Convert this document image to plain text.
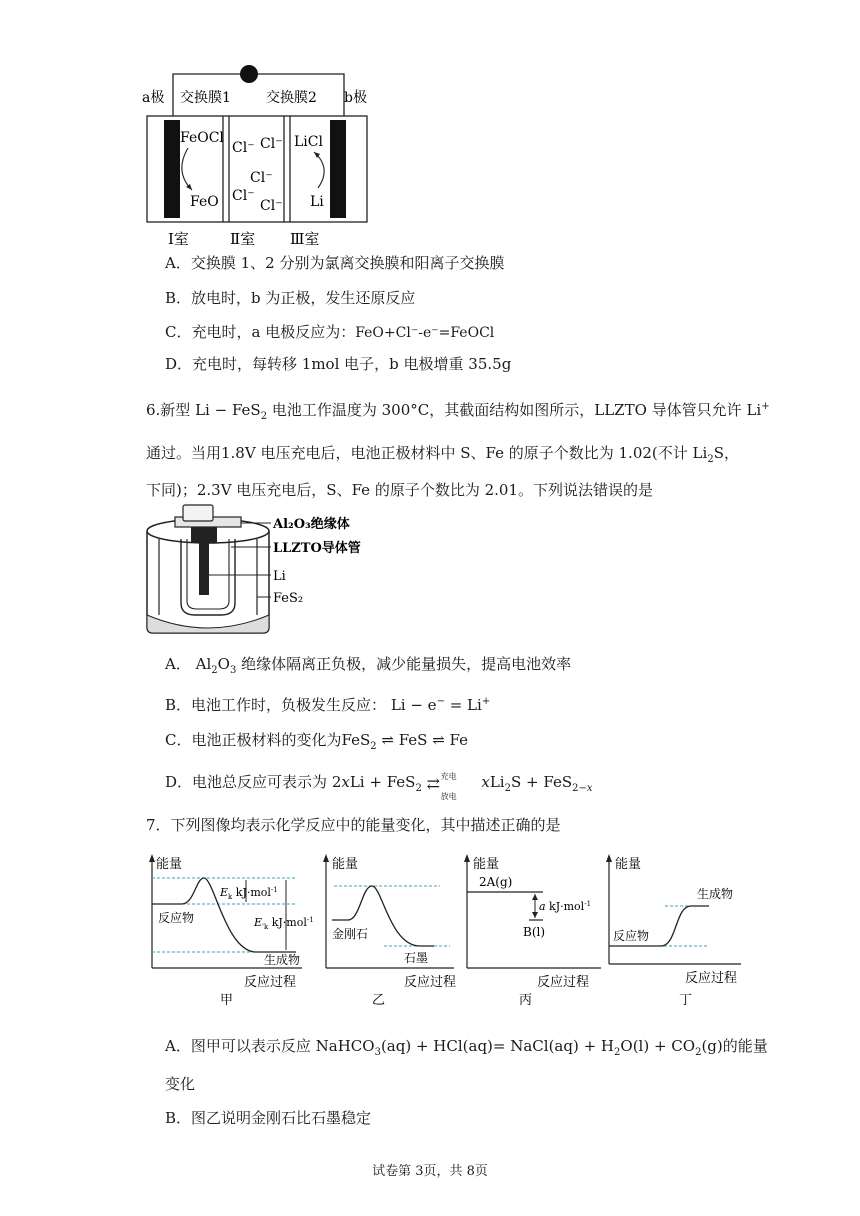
a极 交换膜1	交换膜2 b极
FeOCl
FeO
LiCl
Li
Cl⁻ Cl⁻
Cl⁻
Cl⁻
Cl⁻
Ⅰ室	Ⅱ室 Ⅲ室
A．交换膜 1、2 分别为氯离交换膜和阳离子交换膜
B．放电时，b 为正极，发生还原反应
C．充电时，a 电极反应为：FeO+Cl⁻-e⁻=FeOCl
D．充电时，每转移 1mol 电子，b 电极增重 35.5g
6.新型 Li − FeS$_2$ 电池工作温度为 300°C，其截面结构如图所示，LLZTO 导体管只允许 Li+
通过。当用1.8V 电压充电后，电池正极材料中 S、Fe 的原子个数比为 1.02(不计 $Li_2S$，
下同)；2.3V 电压充电后，S、Fe 的原子个数比为 2.01。下列说法错误的是
Al₂O₃绝缘体
LLZTO导体管
Li
FeS₂
A． $Al_2O_3$ 绝缘体隔离正负极，减少能量损失，提高电池效率
B．电池工作时，负极发生反应： Li − e− = Li+
C．电池正极材料的变化为FeS$_2$ ⇌ FeS ⇌ Fe
D．电池总反应可表示为 2xLi + FeS$_2$
充电
⇄
放电
xLi$_2$S + FeS$_{2-x}$
7．下列图像均表示化学反应中的能量变化，其中描述正确的是
能量
反应物
$E_k$ kJ·mol$^{-1}$
$E_{'k}$ kJ·mol$^{-1}$
生成物
反应过程
甲
能量
金刚石
石墨
反应过程
乙
能量
2A(g)
a kJ·mol$^{-1}$
B(l)
反应过程
丙
能量
生成物
反应物
反应过程
丁
A．图甲可以表示反应 NaHCO$_3$(aq) + HCl(aq)= NaCl(aq) + $H_2O(l) + CO_2(g)$的能量
变化
B．图乙说明金刚石比石墨稳定
试卷第 3页，共 8页
